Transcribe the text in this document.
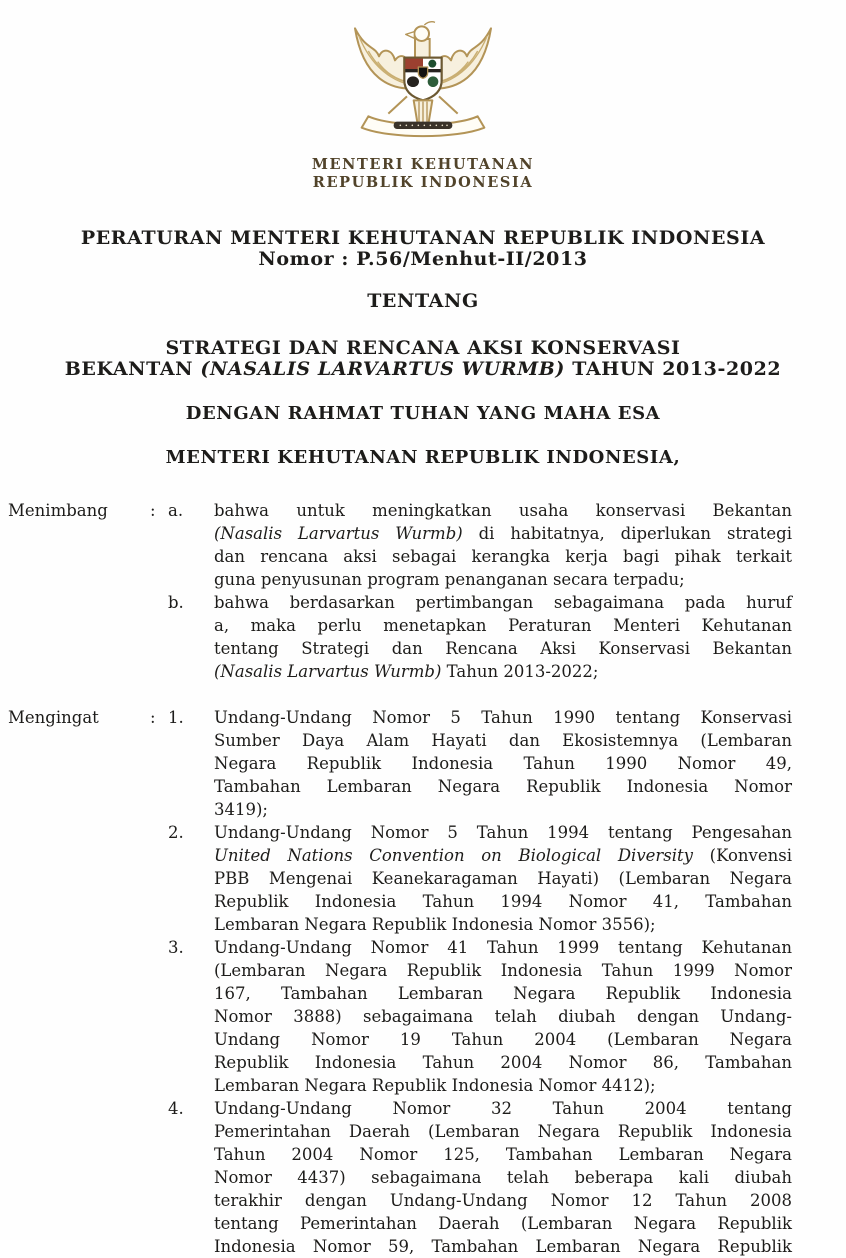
MENTERI KEHUTANAN
REPUBLIK INDONESIA
PERATURAN MENTERI KEHUTANAN REPUBLIK INDONESIA
Nomor : P.56/Menhut-II/2013
TENTANG
STRATEGI DAN RENCANA AKSI KONSERVASI
BEKANTAN (NASALIS LARVARTUS WURMB) TAHUN 2013-2022
DENGAN RAHMAT TUHAN YANG MAHA ESA
MENTERI KEHUTANAN REPUBLIK INDONESIA,
Menimbang	: a.	bahwa untuk meningkatkan usaha konservasi Bekantan
(Nasalis Larvartus Wurmb) di habitatnya, diperlukan strategi
dan rencana aksi sebagai kerangka kerja bagi pihak terkait
guna penyusunan program penanganan secara terpadu;
b.	bahwa berdasarkan pertimbangan sebagaimana pada huruf
a, maka perlu menetapkan Peraturan Menteri Kehutanan
tentang Strategi dan Rencana Aksi Konservasi Bekantan
(Nasalis Larvartus Wurmb) Tahun 2013-2022;
Mengingat	: 1.	Undang-Undang Nomor 5 Tahun 1990 tentang Konservasi
Sumber Daya Alam Hayati dan Ekosistemnya (Lembaran
Negara Republik Indonesia Tahun 1990 Nomor 49,
Tambahan Lembaran Negara Republik Indonesia Nomor
3419);
2.	Undang-Undang Nomor 5 Tahun 1994 tentang Pengesahan
United Nations Convention on Biological Diversity (Konvensi
PBB Mengenai Keanekaragaman Hayati) (Lembaran Negara
Republik Indonesia Tahun 1994 Nomor 41, Tambahan
Lembaran Negara Republik Indonesia Nomor 3556);
3.	Undang-Undang Nomor 41 Tahun 1999 tentang Kehutanan
(Lembaran Negara Republik Indonesia Tahun 1999 Nomor
167, Tambahan Lembaran Negara Republik Indonesia
Nomor 3888) sebagaimana telah diubah dengan Undang-
Undang Nomor 19 Tahun 2004 (Lembaran Negara
Republik Indonesia Tahun 2004 Nomor 86, Tambahan
Lembaran Negara Republik Indonesia Nomor 4412);
4.	Undang-Undang Nomor 32 Tahun 2004 tentang
Pemerintahan Daerah (Lembaran Negara Republik Indonesia
Tahun 2004 Nomor 125, Tambahan Lembaran Negara
Nomor 4437) sebagaimana telah beberapa kali diubah
terakhir dengan Undang-Undang Nomor 12 Tahun 2008
tentang Pemerintahan Daerah (Lembaran Negara Republik
Indonesia Nomor 59, Tambahan Lembaran Negara Republik
